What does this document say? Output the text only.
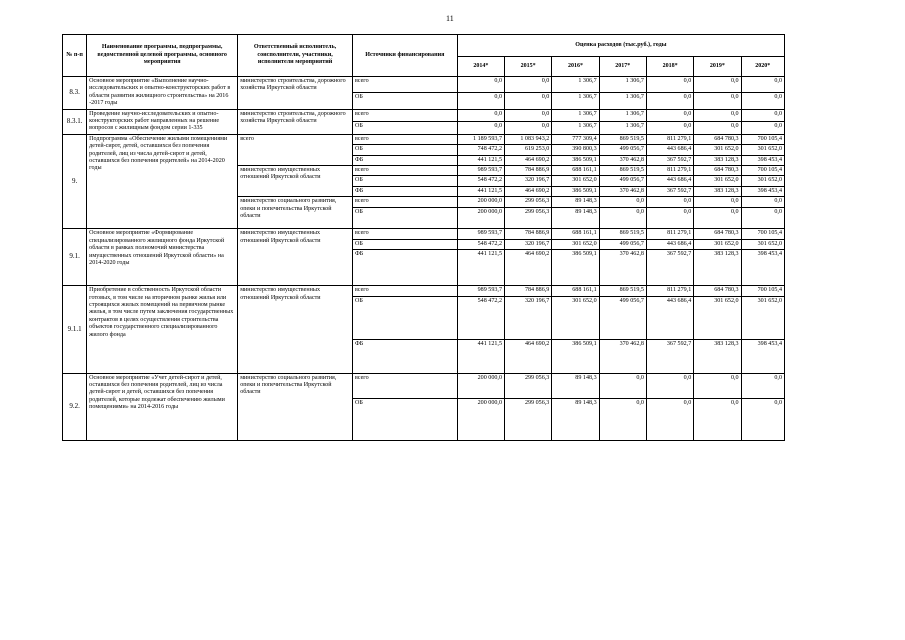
11
№ п-п	Наименование программы, подпрограммы, ведомственной целевой программы, основного мероприятия	Ответственный исполнитель, соисполнители, участники, исполнители мероприятий	Источники финансирования	Оценка расходов (тыс.руб.), годы						
				2014*	2015*	2016*	2017*	2018*	2019*	2020*
8.3.	Основное мероприятие «Выполнение научно-исследовательских и опытно-конструкторских работ в области развития жилищного строительства» на 2016 -2017 годы	министерство строительства, дорожного хозяйства Иркутской области	всего	0,0	0,0	1 306,7	1 306,7	0,0	0,0	0,0
			ОБ	0,0	0,0	1 306,7	1 306,7	0,0	0,0	0,0
8.3.1.	Проведение научно-исследовательских и опытно-конструкторских работ направленных на решение вопросов с жилищным фондом серии 1-335	министерство строительства, дорожного хозяйства Иркутской области	всего	0,0	0,0	1 306,7	1 306,7	0,0	0,0	0,0
			ОБ	0,0	0,0	1 306,7	1 306,7	0,0	0,0	0,0
9.	Подпрограмма «Обеспечение жилыми помещениями детей-сирот, детей, оставшихся без попечения родителей, лиц из числа детей-сирот и детей, оставшихся без попечения родителей» на 2014-2020 годы	всего	всего	1 189 593,7	1 083 943,2	777 309,4	869 519,5	811 279,1	684 780,3	700 105,4
			ОБ	748 472,2	619 253,0	390 800,3	499 056,7	443 686,4	301 652,0	301 652,0
			ФБ	441 121,5	464 690,2	386 509,1	370 462,8	367 592,7	383 128,3	398 453,4
		министерство имущественных отношений Иркутской области	всего	989 593,7	784 886,9	688 161,1	869 519,5	811 279,1	684 780,3	700 105,4
			ОБ	548 472,2	320 196,7	301 652,0	499 056,7	443 686,4	301 652,0	301 652,0
			ФБ	441 121,5	464 690,2	386 509,1	370 462,8	367 592,7	383 128,3	398 453,4
		министерство социального развития, опеки и попечительства Иркутской области	всего	200 000,0	299 056,3	89 148,3	0,0	0,0	0,0	0,0
			ОБ	200 000,0	299 056,3	89 148,3	0,0	0,0	0,0	0,0
9.1.	Основное мероприятие «Формирование специализированного жилищного фонда Иркутской области в рамках полномочий министерства имущественных отношений Иркутской области» на 2014-2020 годы	министерство имущественных отношений Иркутской области	всего	989 593,7	784 886,9	688 161,1	869 519,5	811 279,1	684 780,3	700 105,4
			ОБ	548 472,2	320 196,7	301 652,0	499 056,7	443 686,4	301 652,0	301 652,0
			ФБ	441 121,5	464 690,2	386 509,1	370 462,8	367 592,7	383 128,3	398 453,4
9.1.1	Приобретение в собственность Иркутской области готовых, в том числе на вторичном рынке жилья или строящихся жилых помещений на первичном рынке жилья, в том числе путем заключения государственных контрактов в целях осуществления строительства объектов государственного специализированного жилого фонда	министерство имущественных отношений Иркутской области	всего	989 593,7	784 886,9	688 161,1	869 519,5	811 279,1	684 780,3	700 105,4
			ОБ	548 472,2	320 196,7	301 652,0	499 056,7	443 686,4	301 652,0	301 652,0
			ФБ	441 121,5	464 690,2	386 509,1	370 462,8	367 592,7	383 128,3	398 453,4
9.2.	Основное мероприятие «Учет детей-сирот и детей, оставшихся без попечения родителей, лиц из числа детей-сирот и детей, оставшихся без попечения родителей, которые подлежат обеспечению жилыми помещениями» на 2014-2016 годы	министерство социального развития, опеки и попечительства Иркутской области	всего	200 000,0	299 056,3	89 148,3	0,0	0,0	0,0	0,0
			ОБ	200 000,0	299 056,3	89 148,3	0,0	0,0	0,0	0,0
